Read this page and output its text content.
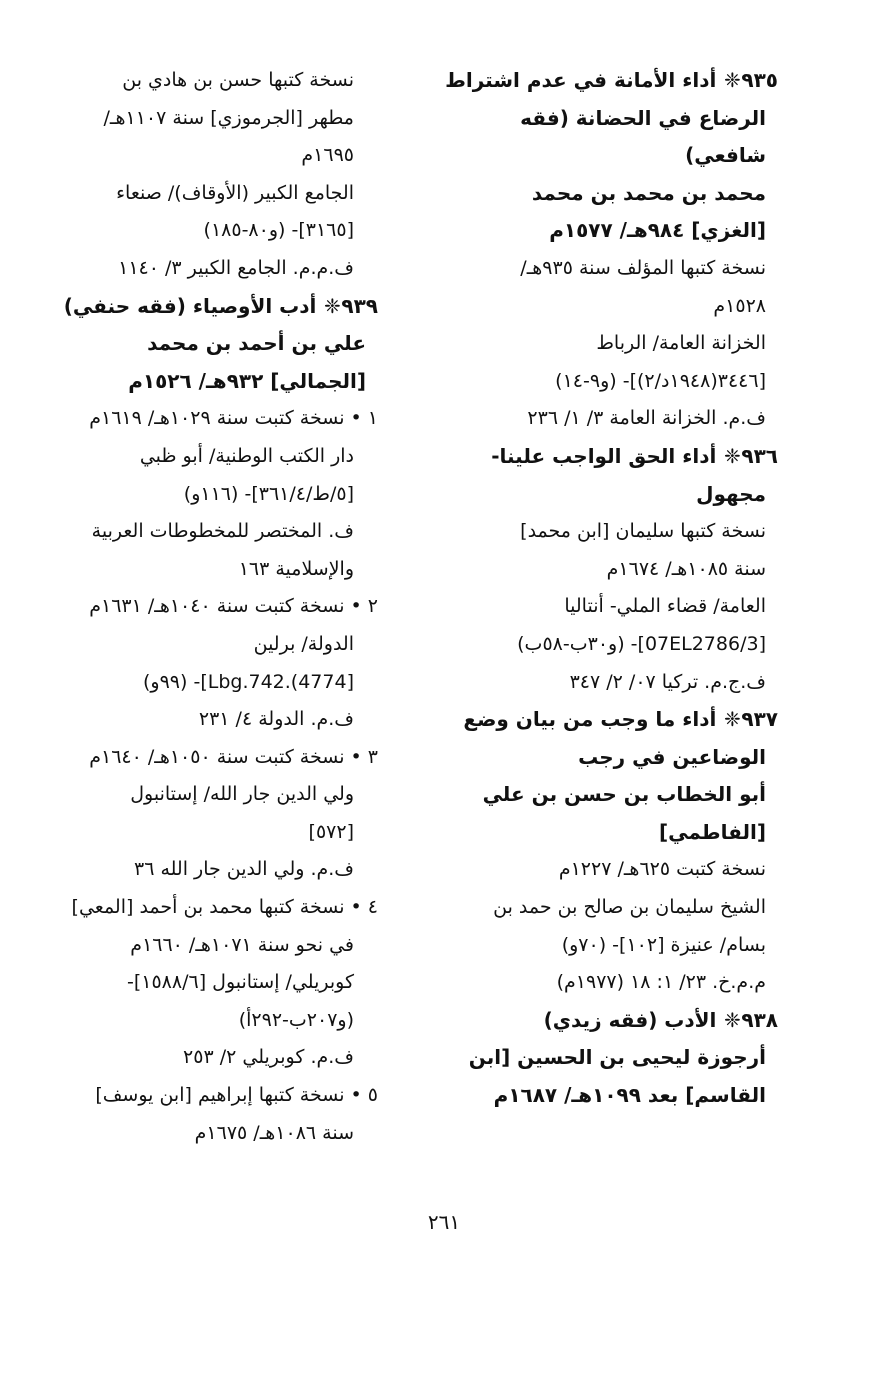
٩٣٥❈ أداء الأمانة في عدم اشتراط
الرضاع في الحضانة (فقه
شافعي)
محمد بن محمد بن محمد
[الغزي] ٩٨٤هـ/ ١٥٧٧م
نسخة كتبها المؤلف سنة ٩٣٥هـ/
١٥٢٨م
الخزانة العامة/ الرباط
[٣٤٤٦(١٩٤٨د/٢)]- (و٩-١٤)
ف.م. الخزانة العامة ٣/ ١/ ٢٣٦
٩٣٦❈ أداء الحق الواجب علينا-
مجهول
نسخة كتبها سليمان [ابن محمد]
سنة ١٠٨٥هـ/ ١٦٧٤م
العامة/ قضاء الملي- أنتاليا
[07EL2786/3]- (و٣٠ب-٥٨ب)
ف.ج.م. تركيا ٠٧/ ٢/ ٣٤٧
٩٣٧❈ أداء ما وجب من بيان وضع
الوضاعين في رجب
أبو الخطاب بن حسن بن علي
[الفاطمي]
نسخة كتبت ٦٢٥هـ/ ١٢٢٧م
الشيخ سليمان بن صالح بن حمد بن
بسام/ عنيزة [١٠٢]- (٧٠و)
م.م.خ. ٢٣/ ١: ١٨ (١٩٧٧م)
٩٣٨❈ الأدب (فقه زيدي)
أرجوزة ليحيى بن الحسين [ابن
القاسم] بعد ١٠٩٩هـ/ ١٦٨٧م
نسخة كتبها حسن بن هادي بن
مطهر [الجرموزي] سنة ١١٠٧هـ/
١٦٩٥م
الجامع الكبير (الأوقاف)/ صنعاء
[٣١٦٥]- (و٨٠-١٨٥)
ف.م.م. الجامع الكبير ٣/ ١١٤٠
٩٣٩❈ أدب الأوصياء (فقه حنفي)
علي بن أحمد بن محمد
[الجمالي] ٩٣٢هـ/ ١٥٢٦م
١ • نسخة كتبت سنة ١٠٢٩هـ/ ١٦١٩م
دار الكتب الوطنية/ أبو ظبي
[٥/ط/٣٦١/٤]- (١١٦و)
ف. المختصر للمخطوطات العربية
والإسلامية ١٦٣
٢ • نسخة كتبت سنة ١٠٤٠هـ/ ١٦٣١م
الدولة/ برلين
[4774).Lbg.742]- (٩٩و)
ف.م. الدولة ٤/ ٢٣١
٣ • نسخة كتبت سنة ١٠٥٠هـ/ ١٦٤٠م
ولي الدين جار الله/ إستانبول
[٥٧٢]
ف.م. ولي الدين جار الله ٣٦
٤ • نسخة كتبها محمد بن أحمد [المعي]
في نحو سنة ١٠٧١هـ/ ١٦٦٠م
كوبريلي/ إستانبول [١٥٨٨/٦]-
(و٢٠٧ب-٢٩٢أ)
ف.م. كوبريلي ٢/ ٢٥٣
٥ • نسخة كتبها إبراهيم [ابن يوسف]
سنة ١٠٨٦هـ/ ١٦٧٥م
٢٦١
